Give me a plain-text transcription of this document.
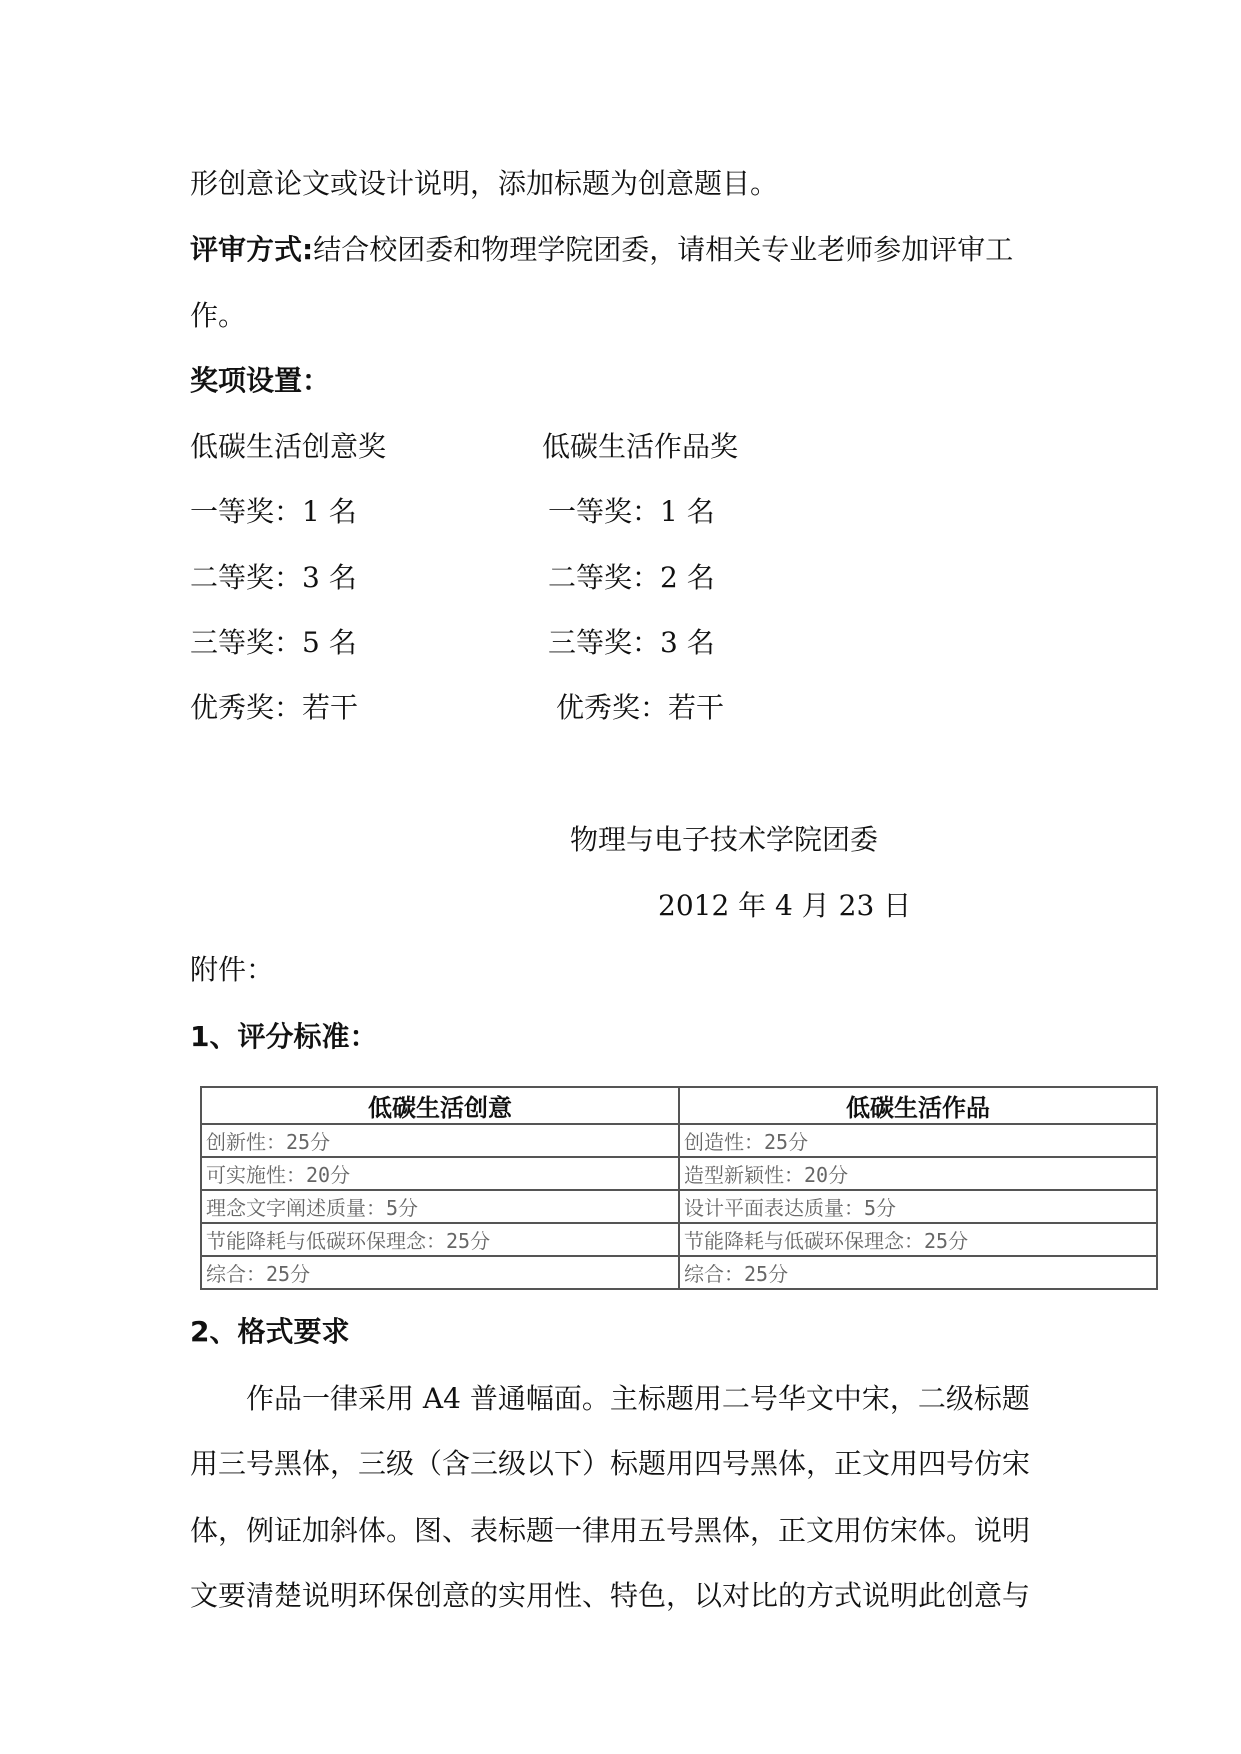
形创意论文或设计说明，添加标题为创意题目。
评审方式:结合校团委和物理学院团委，请相关专业老师参加评审工
作。
奖项设置：
低碳生活创意奖	低碳生活作品奖
一等奖：1 名	一等奖：1 名
二等奖：3 名	二等奖：2 名
三等奖：5 名	三等奖：3 名
优秀奖：若干	优秀奖：若干
物理与电子技术学院团委
2012 年 4 月 23 日
附件：
1、评分标准：
低碳生活创意	低碳生活作品
创新性：25分	创造性：25分
可实施性：20分	造型新颖性：20分
理念文字阐述质量：5分	设计平面表达质量：5分
节能降耗与低碳环保理念：25分	节能降耗与低碳环保理念：25分
综合：25分	综合：25分
2、格式要求
　　作品一律采用 A4 普通幅面。主标题用二号华文中宋，二级标题
用三号黑体，三级（含三级以下）标题用四号黑体，正文用四号仿宋
体，例证加斜体。图、表标题一律用五号黑体，正文用仿宋体。说明
文要清楚说明环保创意的实用性、特色，以对比的方式说明此创意与
